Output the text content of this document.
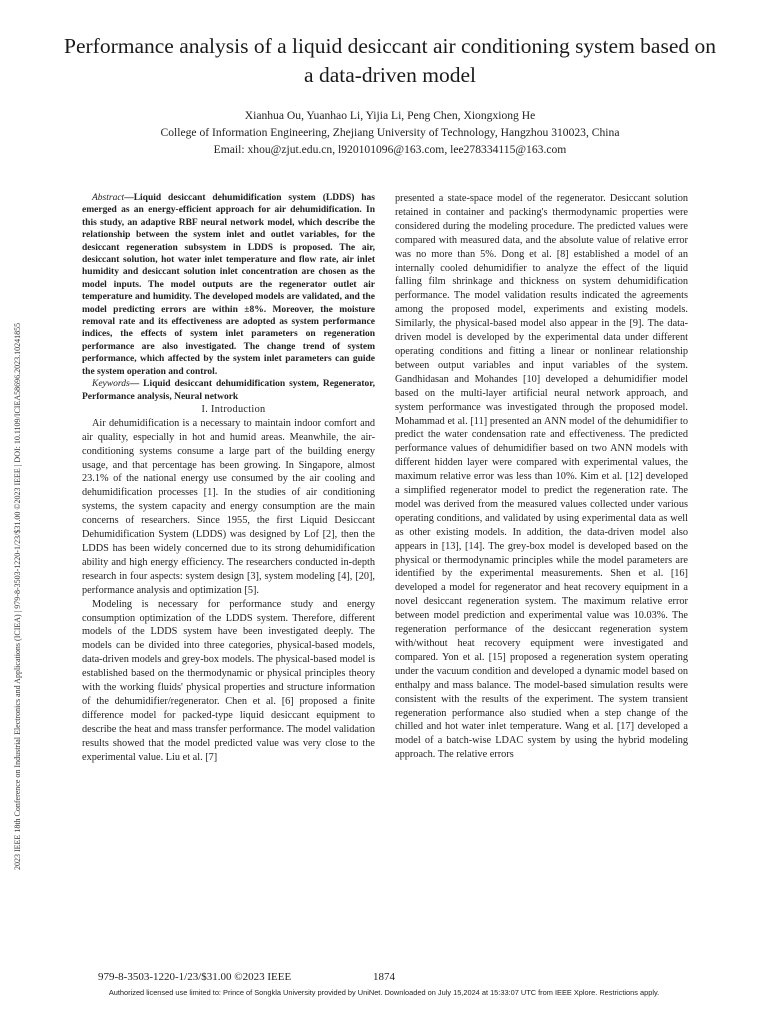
2023 IEEE 18th Conference on Industrial Electronics and Applications (ICIEA) | 979-8-3503-1220-1/23/$31.00 ©2023 IEEE | DOI: 10.1109/ICIEA58696.2023.10241855
Performance analysis of a liquid desiccant air conditioning system based on a data-driven model

Xianhua Ou, Yuanhao Li, Yijia Li, Peng Chen, Xiongxiong He

College of Information Engineering, Zhejiang University of Technology, Hangzhou 310023, China

Email: xhou@zjut.edu.cn, l920101096@163.com, lee278334115@163.com

Abstract—Liquid desiccant dehumidification system (LDDS) has emerged as an energy-efficient approach for air dehumidification. In this study, an adaptive RBF neural network model, which describe the relationship between the system inlet and outlet variables, for the desiccant regeneration subsystem in LDDS is proposed. The air, desiccant solution, hot water inlet temperature and flow rate, air inlet humidity and desiccant solution inlet concentration are chosen as the model inputs. The model outputs are the regenerator outlet air temperature and humidity. The developed models are validated, and the model predicting errors are within ±8%. Moreover, the moisture removal rate and its effectiveness are adopted as system performance indices, the effects of system inlet parameters on regeneration performance are also investigated. The change trend of system performance, which affected by the system inlet parameters can guide the system operation and control.

Keywords— Liquid desiccant dehumidification system, Regenerator, Performance analysis, Neural network

I. Introduction

Air dehumidification is a necessary to maintain indoor comfort and air quality, especially in hot and humid areas. Meanwhile, the air-conditioning systems consume a large part of the building energy usage, and that percentage has been growing. In Singapore, almost 23.1% of the national energy use consumed by the air cooling and dehumidification processes [1]. In the studies of air conditioning systems, the system capacity and energy consumption are the main concerns of researchers. Since 1955, the first Liquid Desiccant Dehumidification System (LDDS) was designed by Lof [2], then the LDDS has been widely concerned due to its strong dehumidification ability and high energy efficiency. The researchers conducted in-depth research in four aspects: system design [3], system modeling [4], [20], performance analysis and optimization [5].

Modeling is necessary for performance study and energy consumption optimization of the LDDS system. Therefore, different models of the LDDS system have been investigated deeply. The models can be divided into three categories, physical-based models, data-driven models and grey-box models. The physical-based model is established based on the thermodynamic or physical principles theory with the working fluids' physical properties and structure information of the dehumidifier/regenerator. Chen et al. [6] proposed a finite difference model for packed-type liquid desiccant equipment to describe the heat and mass transfer performance. The model validation results showed that the model predicted value was very close to the experimental value. Liu et al. [7]

presented a state-space model of the regenerator. Desiccant solution retained in container and packing's thermodynamic properties were considered during the modeling procedure. The predicted values were compared with measured data, and the absolute value of relative error was no more than 5%. Dong et al. [8] established a model of an internally cooled dehumidifier to analyze the effect of the liquid falling film shrinkage and thickness on system dehumidification performance. The model validation results indicated the agreements among the proposed model, experiments and existing models. Similarly, the physical-based model also appear in the [9]. The data-driven model is developed by the experimental data under different operating conditions and fitting a linear or nonlinear relationship between output variables and input variables of the system. Gandhidasan and Mohandes [10] developed a dehumidifier model based on the multi-layer artificial neural network approach, and system performance was investigated through the proposed model. Mohammad et al. [11] presented an ANN model of the dehumidifier to predict the water condensation rate and effectiveness. The predicted performance values of dehumidifier based on two ANN models with different hidden layer were compared with experimental values, the maximum relative error was less than 10%. Kim et al. [12] developed a simplified regenerator model to predict the regeneration rate. The model was derived from the measured values collected under various operating conditions, and validated by using experimental data as well as other existing models. In addition, the data-driven model also appears in [13], [14]. The grey-box model is developed based on the physical or thermodynamic principles while the model parameters are identified by the experimental measurements. Shen et al. [16] developed a model for regenerator and heat recovery equipment in a novel desiccant regeneration system. The maximum relative error between model prediction and experimental value was 10.03%. The regeneration performance of the desiccant regeneration system with/without heat recovery equipment were investigated and compared. Yon et al. [15] proposed a regeneration system operating under the vacuum condition and developed a dynamic model based on enthalpy and mass balance. The model-based simulation results were consistent with the results of the experiment. The system transient regeneration performance also studied when a step change of the chilled and hot water inlet temperature. Wang et al. [17] developed a model of a batch-wise LDAC system by using the hybrid modeling approach. The relative errors

979-8-3503-1220-1/23/$31.00 ©2023 IEEE	1874
Authorized licensed use limited to: Prince of Songkla University provided by UniNet. Downloaded on July 15,2024 at 15:33:07 UTC from IEEE Xplore. Restrictions apply.
